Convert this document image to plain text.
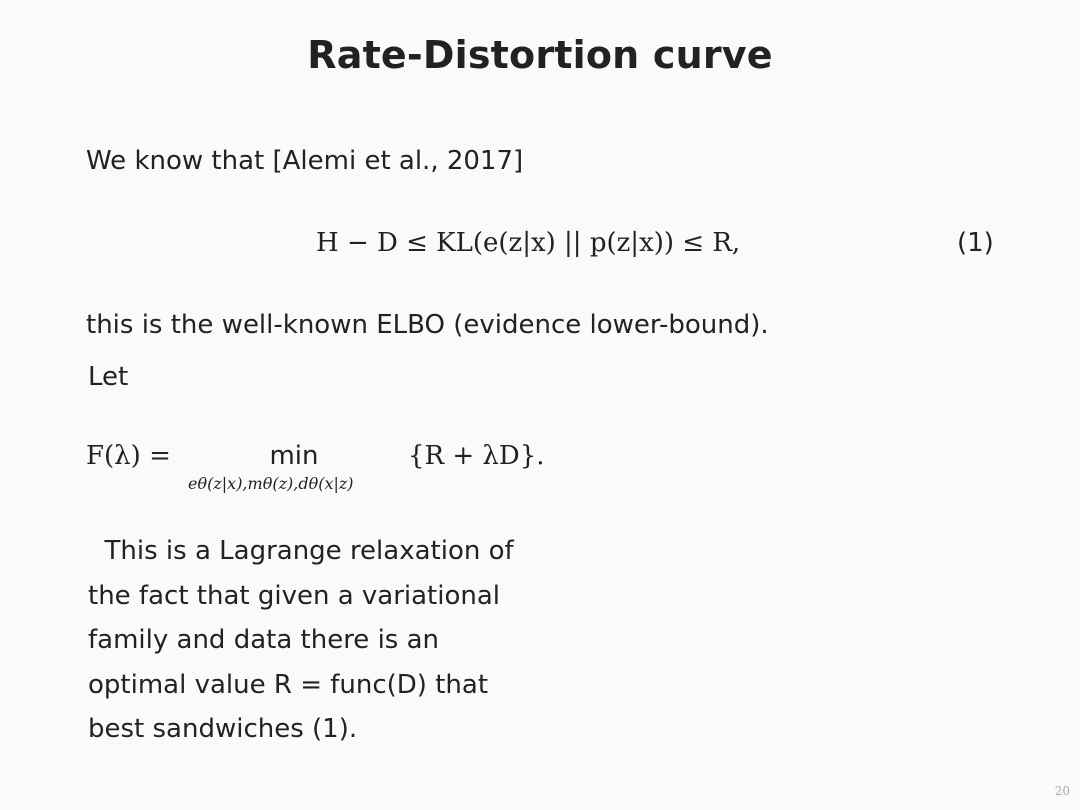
Rate-Distortion curve
We know that [Alemi et al., 2017]
H − D ≤ KL(e(z|x) || p(z|x)) ≤ R,	(1)
this is the well-known ELBO (evidence lower-bound).
Let
F(λ) =	min
eθ(z|x),mθ(z),dθ(x|z)
{R + λD}.
This is a Lagrange relaxation of
the fact that given a variational
family and data there is an
optimal value R = func(D) that
best sandwiches (1).
20
